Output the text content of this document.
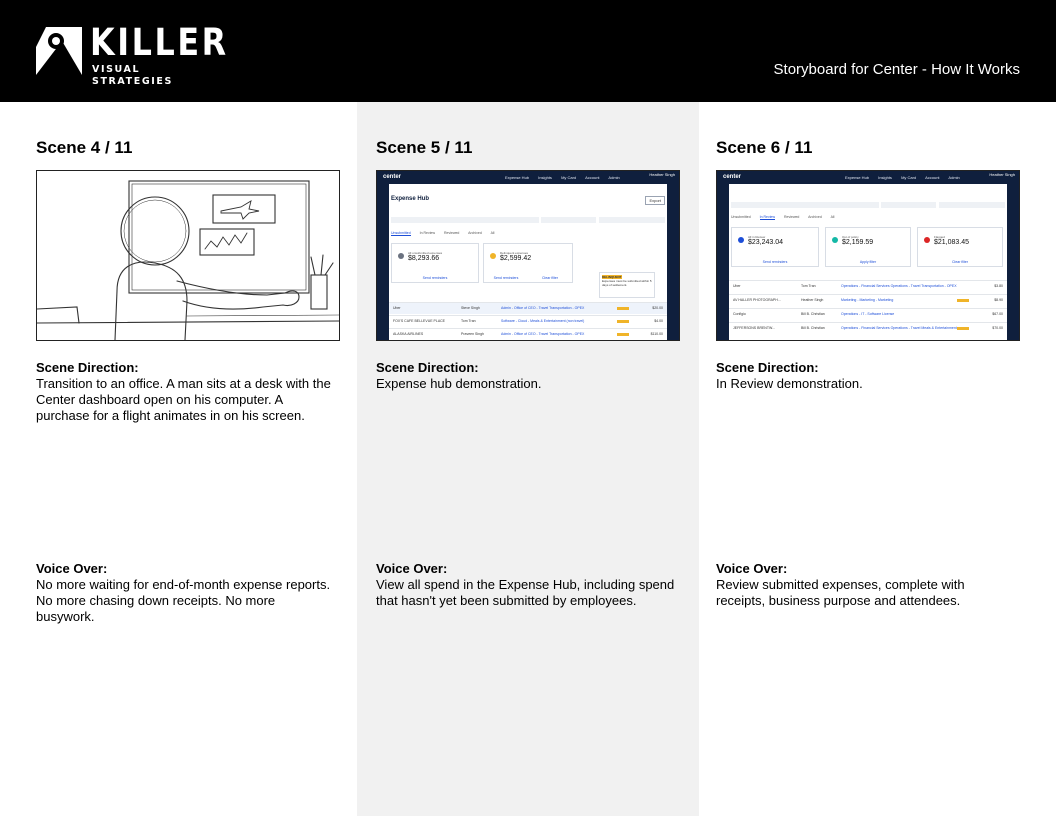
KILLER
VISUAL STRATEGIES
Storyboard for Center - How It Works
Scene 4 / 11
Scene Direction:
Transition to an office. A man sits at a desk with the Center dashboard open on his computer. A purchase for a flight animates in on his screen.
Voice Over:
No more waiting for end-of-month expense reports. No more chasing down receipts. No more busywork.
Scene 5 / 11
center	Expense Hub Insights My Card Account Admin
Heather Singh
Expense Hub	Export
Unsubmitted	In Review	Reviewed	Archived	All
All unsubmitted expenses
$8,293.66
Send reminders
Delinquent expenses
$2,599.42
Send reminders	Clear filter	DELINQUENT
Expenses must be submitted within 5 days of settlement.
Uber	Steve Singh	Admin - Office of CEO - Travel Transportation - OPEX	$20.00
FOX'S CAFE BELLEVUE PLACE	Tom Tran	Software - Cloud - Meals & Entertainment (non travel)	$4.00
ALASKA AIRLINES	Praveen Singh	Admin - Office of CEO - Travel Transportation - OPEX	$110.00
Scene Direction:
Expense hub demonstration.
Voice Over:
View all spend in the Expense Hub, including spend that hasn't yet been submitted by employees.
Scene 6 / 11
center	Expense Hub Insights My Card Account Admin
Heather Singh
Unsubmitted	In Review	Reviewed	Archived	All
All in Review
$23,243.04
Send reminders
Out of policy
$2,159.59
Apply filter
Flagged
$21,083.45
Clear filter
Uber	Tom Tran	Operations - Financial Services Operations - Travel Transportation - OPEX	$3.80
AV HALLER PHOTOGRAPH...	Heather Singh	Marketing - Marketing - Marketing	$8.90
Configio	Bill B. Christian	Operations - IT - Software License	$67.00
JEFFERSONS BRENTW...	Bill B. Christian	Operations - Financial Services Operations - Travel Meals & Entertainment	$70.00
Scene Direction:
In Review demonstration.
Voice Over:
Review submitted expenses, complete with receipts, business purpose and attendees.
